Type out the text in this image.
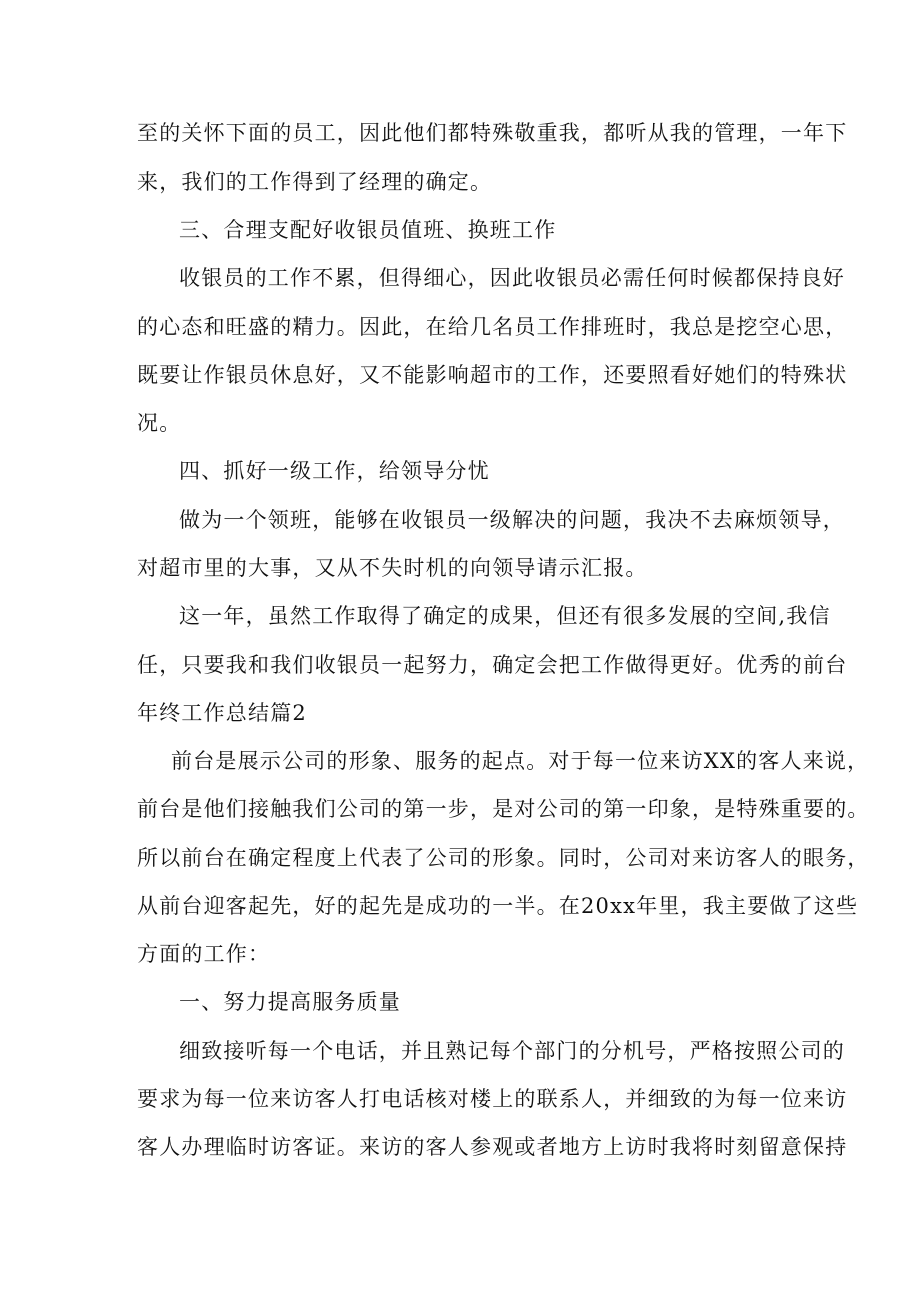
至的关怀下面的员工，因此他们都特殊敬重我，都听从我的管理，一年下
来，我们的工作得到了经理的确定。
三、合理支配好收银员值班、换班工作
收银员的工作不累，但得细心，因此收银员必需任何时候都保持良好
的心态和旺盛的精力。因此，在给几名员工作排班时，我总是挖空心思，
既要让作银员休息好，又不能影响超市的工作，还要照看好她们的特殊状
况。
四、抓好一级工作，给领导分忧
做为一个领班，能够在收银员一级解决的问题，我决不去麻烦领导，
对超市里的大事，又从不失时机的向领导请示汇报。
这一年，虽然工作取得了确定的成果，但还有很多发展的空间,我信
任，只要我和我们收银员一起努力，确定会把工作做得更好。优秀的前台
年终工作总结篇2
前台是展示公司的形象、服务的起点。对于每一位来访XX的客人来说，
前台是他们接触我们公司的第一步，是对公司的第一印象，是特殊重要的。
所以前台在确定程度上代表了公司的形象。同时，公司对来访客人的眼务，
从前台迎客起先，好的起先是成功的一半。在20xx年里，我主要做了这些
方面的工作：
一、努力提高服务质量
细致接听每一个电话，并且熟记每个部门的分机号，严格按照公司的
要求为每一位来访客人打电话核对楼上的联系人，并细致的为每一位来访
客人办理临时访客证。来访的客人参观或者地方上访时我将时刻留意保持
